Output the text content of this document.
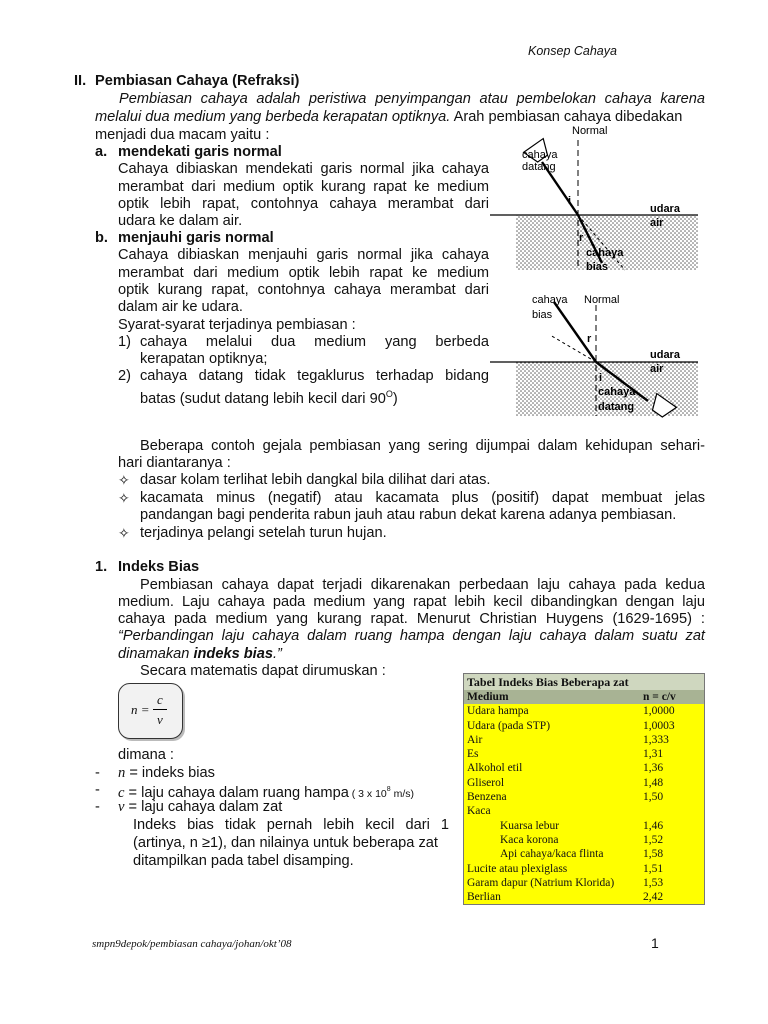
Konsep Cahaya
II. Pembiasan Cahaya (Refraksi)
Pembiasan cahaya adalah peristiwa penyimpangan atau pembelokan cahaya karena
melalui dua medium yang berbeda kerapatan optiknya. Arah pembiasan cahaya dibedakan
menjadi dua macam yaitu :
a. mendekati garis normal
Cahaya dibiaskan mendekati garis normal jika cahaya
merambat dari medium optik kurang rapat ke medium
optik lebih rapat, contohnya cahaya merambat dari
udara ke dalam air.
b. menjauhi garis normal
Cahaya dibiaskan menjauhi garis normal jika cahaya
merambat dari medium optik lebih rapat ke medium
optik kurang rapat, contohnya cahaya merambat dari
dalam air ke udara.
Syarat-syarat terjadinya pembiasan :
1) cahaya melalui dua medium yang berbeda
kerapatan optiknya;
2) cahaya datang tidak tegaklurus terhadap bidang
batas (sudut datang lebih kecil dari $90^O$)
Normal
cahaya
datang
i
r
udara
air
cahaya
bias
Normal
cahaya
bias
r
i
udara
air
cahaya
datang
Beberapa contoh gejala pembiasan yang sering dijumpai dalam kehidupan sehari-
hari diantaranya :
✧ dasar kolam terlihat lebih dangkal bila dilihat dari atas.
✧ kacamata minus (negatif) atau kacamata plus (positif) dapat membuat jelas
pandangan bagi penderita rabun jauh atau rabun dekat karena adanya pembiasan.
✧ terjadinya pelangi setelah turun hujan.
1. Indeks Bias
Pembiasan cahaya dapat terjadi dikarenakan perbedaan laju cahaya pada kedua
medium. Laju cahaya pada medium yang rapat lebih kecil dibandingkan dengan laju
cahaya pada medium yang kurang rapat. Menurut Christian Huygens (1629-1695) :
“Perbandingan laju cahaya dalam ruang hampa dengan laju cahaya dalam suatu zat
dinamakan indeks bias.”
Secara matematis dapat dirumuskan :
n =
c
v
dimana :
- n = indeks bias
- c = laju cahaya dalam ruang hampa ( 3 x $10^8$ m/s)
- v = laju cahaya dalam zat
Indeks bias tidak pernah lebih kecil dari 1
(artinya, n ≥1), dan nilainya untuk beberapa zat
ditampilkan pada tabel disamping.
Tabel Indeks Bias Beberapa zat	
Medium	n = c/v
Udara hampa	1,0000
Udara (pada STP)	1,0003
Air	1,333
Es	1,31
Alkohol etil	1,36
Gliserol	1,48
Benzena	1,50
Kaca	
Kuarsa lebur	1,46
Kaca korona	1,52
Api cahaya/kaca flinta	1,58
Lucite atau plexiglass	1,51
Garam dapur (Natrium Klorida)	1,53
Berlian	2,42
smpn9depok/pembiasan cahaya/johan/okt’08	1
